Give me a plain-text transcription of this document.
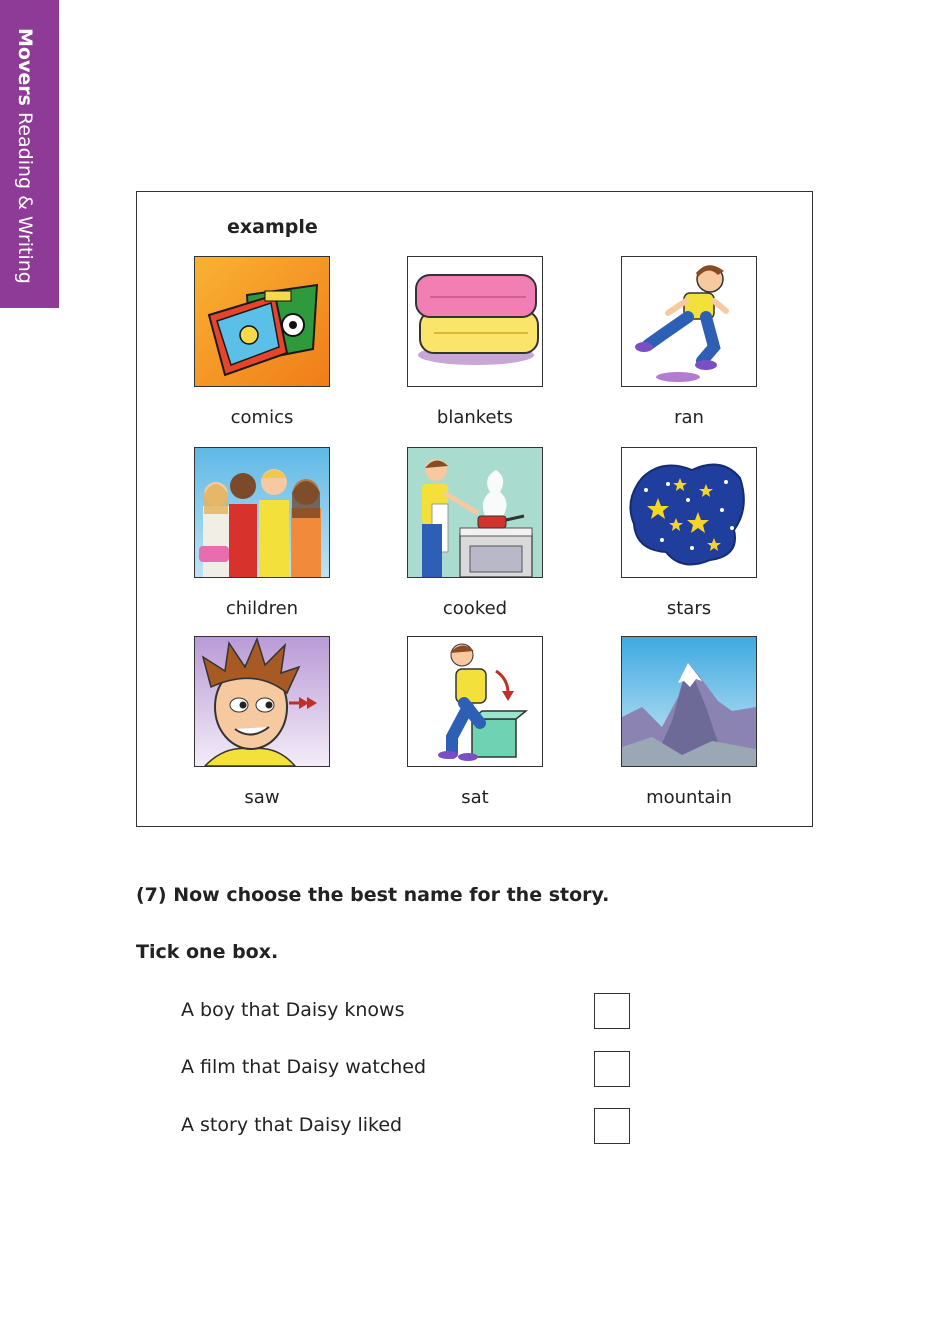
Movers Reading & Writing	example
comics	blankets	ran
children	cooked	stars
saw	sat	mountain
(7) Now choose the best name for the story.
Tick one box.
A boy that Daisy knows
A film that Daisy watched
A story that Daisy liked
